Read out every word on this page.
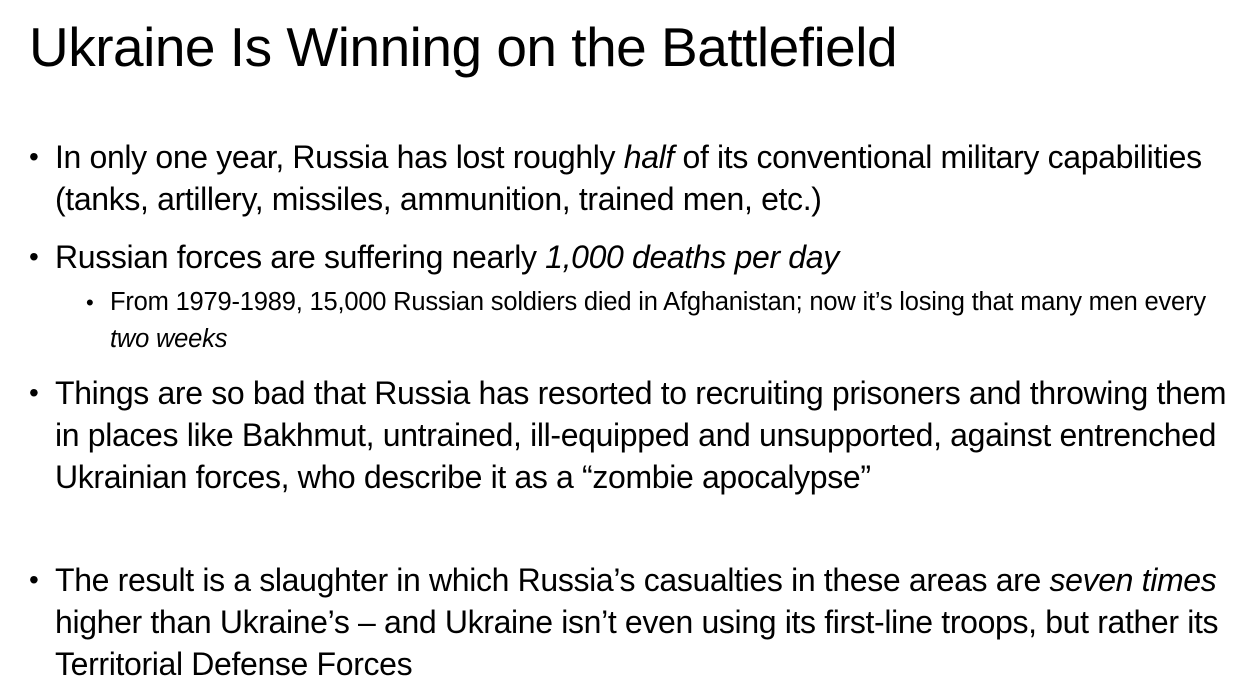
Ukraine Is Winning on the Battlefield

• In only one year, Russia has lost roughly half of its conventional military capabilities (tanks, artillery, missiles, ammunition, trained men, etc.)

• Russian forces are suffering nearly 1,000 deaths per day

• From 1979-1989, 15,000 Russian soldiers died in Afghanistan; now it’s losing that many men every two weeks

• Things are so bad that Russia has resorted to recruiting prisoners and throwing them in places like Bakhmut, untrained, ill-equipped and unsupported, against entrenched Ukrainian forces, who describe it as a “zombie apocalypse”

• The result is a slaughter in which Russia’s casualties in these areas are seven times higher than Ukraine’s – and Ukraine isn’t even using its first-line troops, but rather its Territorial Defense Forces
